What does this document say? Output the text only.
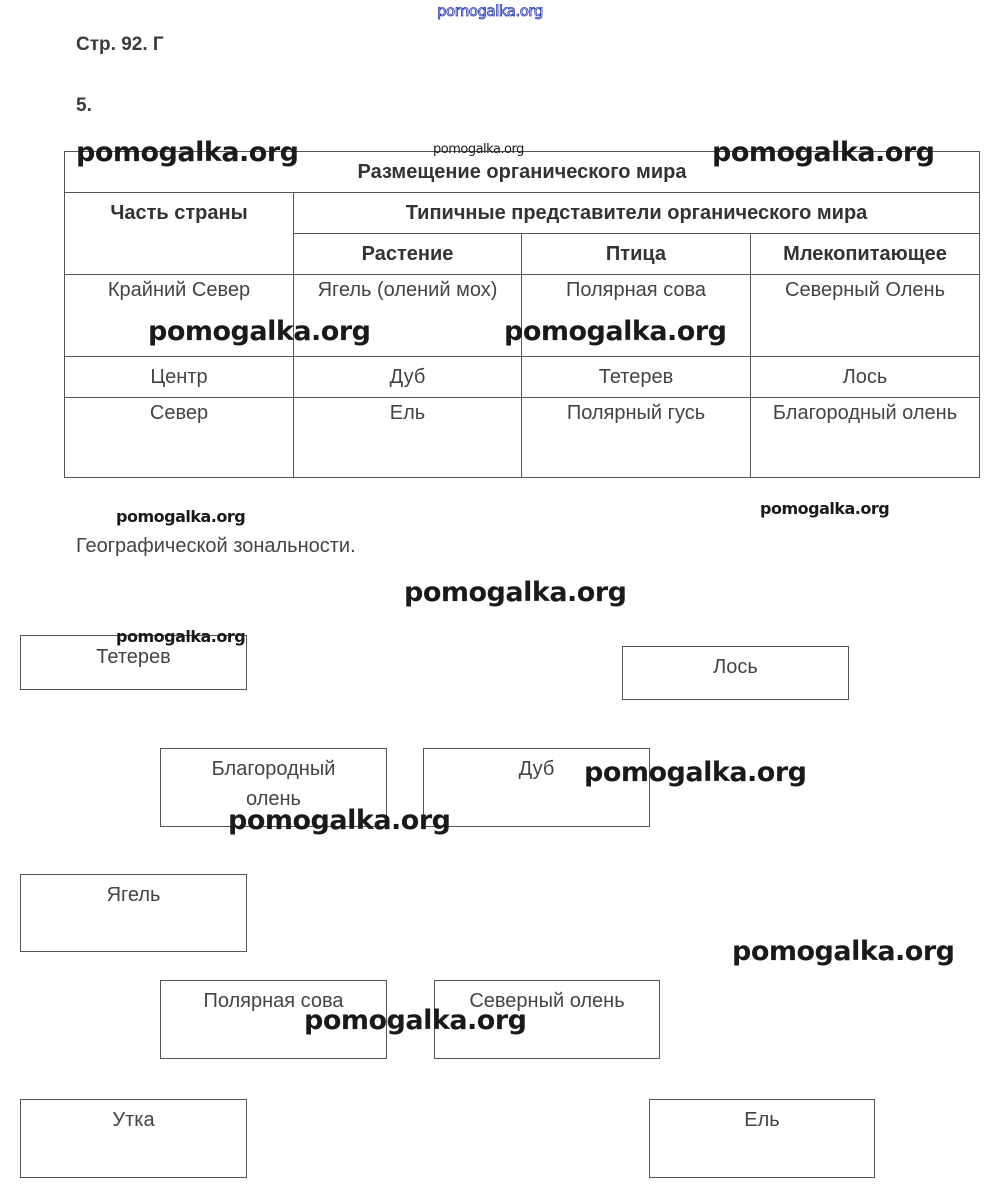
Стр. 92. Г
5.
Размещение органического мира			
Часть страны	Типичные представители органического мира		
	Растение	Птица	Млекопитающее

Крайний Север	Ягель (олений мох)	Полярная сова	Северный Олень

Центр	Дуб	Тетерев	Лось

Север	Ель	Полярный гусь	Благородный олень
Географической зональности.
Тетерев	Лось
Благородный олень
Дуб
Ягель
Полярная сова	Северный олень
Утка	Ель
pomogalka.org
pomogalka.org	pomogalka.org	pomogalka.org
pomogalka.org	pomogalka.org
pomogalka.org	pomogalka.org
pomogalka.org
pomogalka.org
pomogalka.org
pomogalka.org
pomogalka.org
pomogalka.org
